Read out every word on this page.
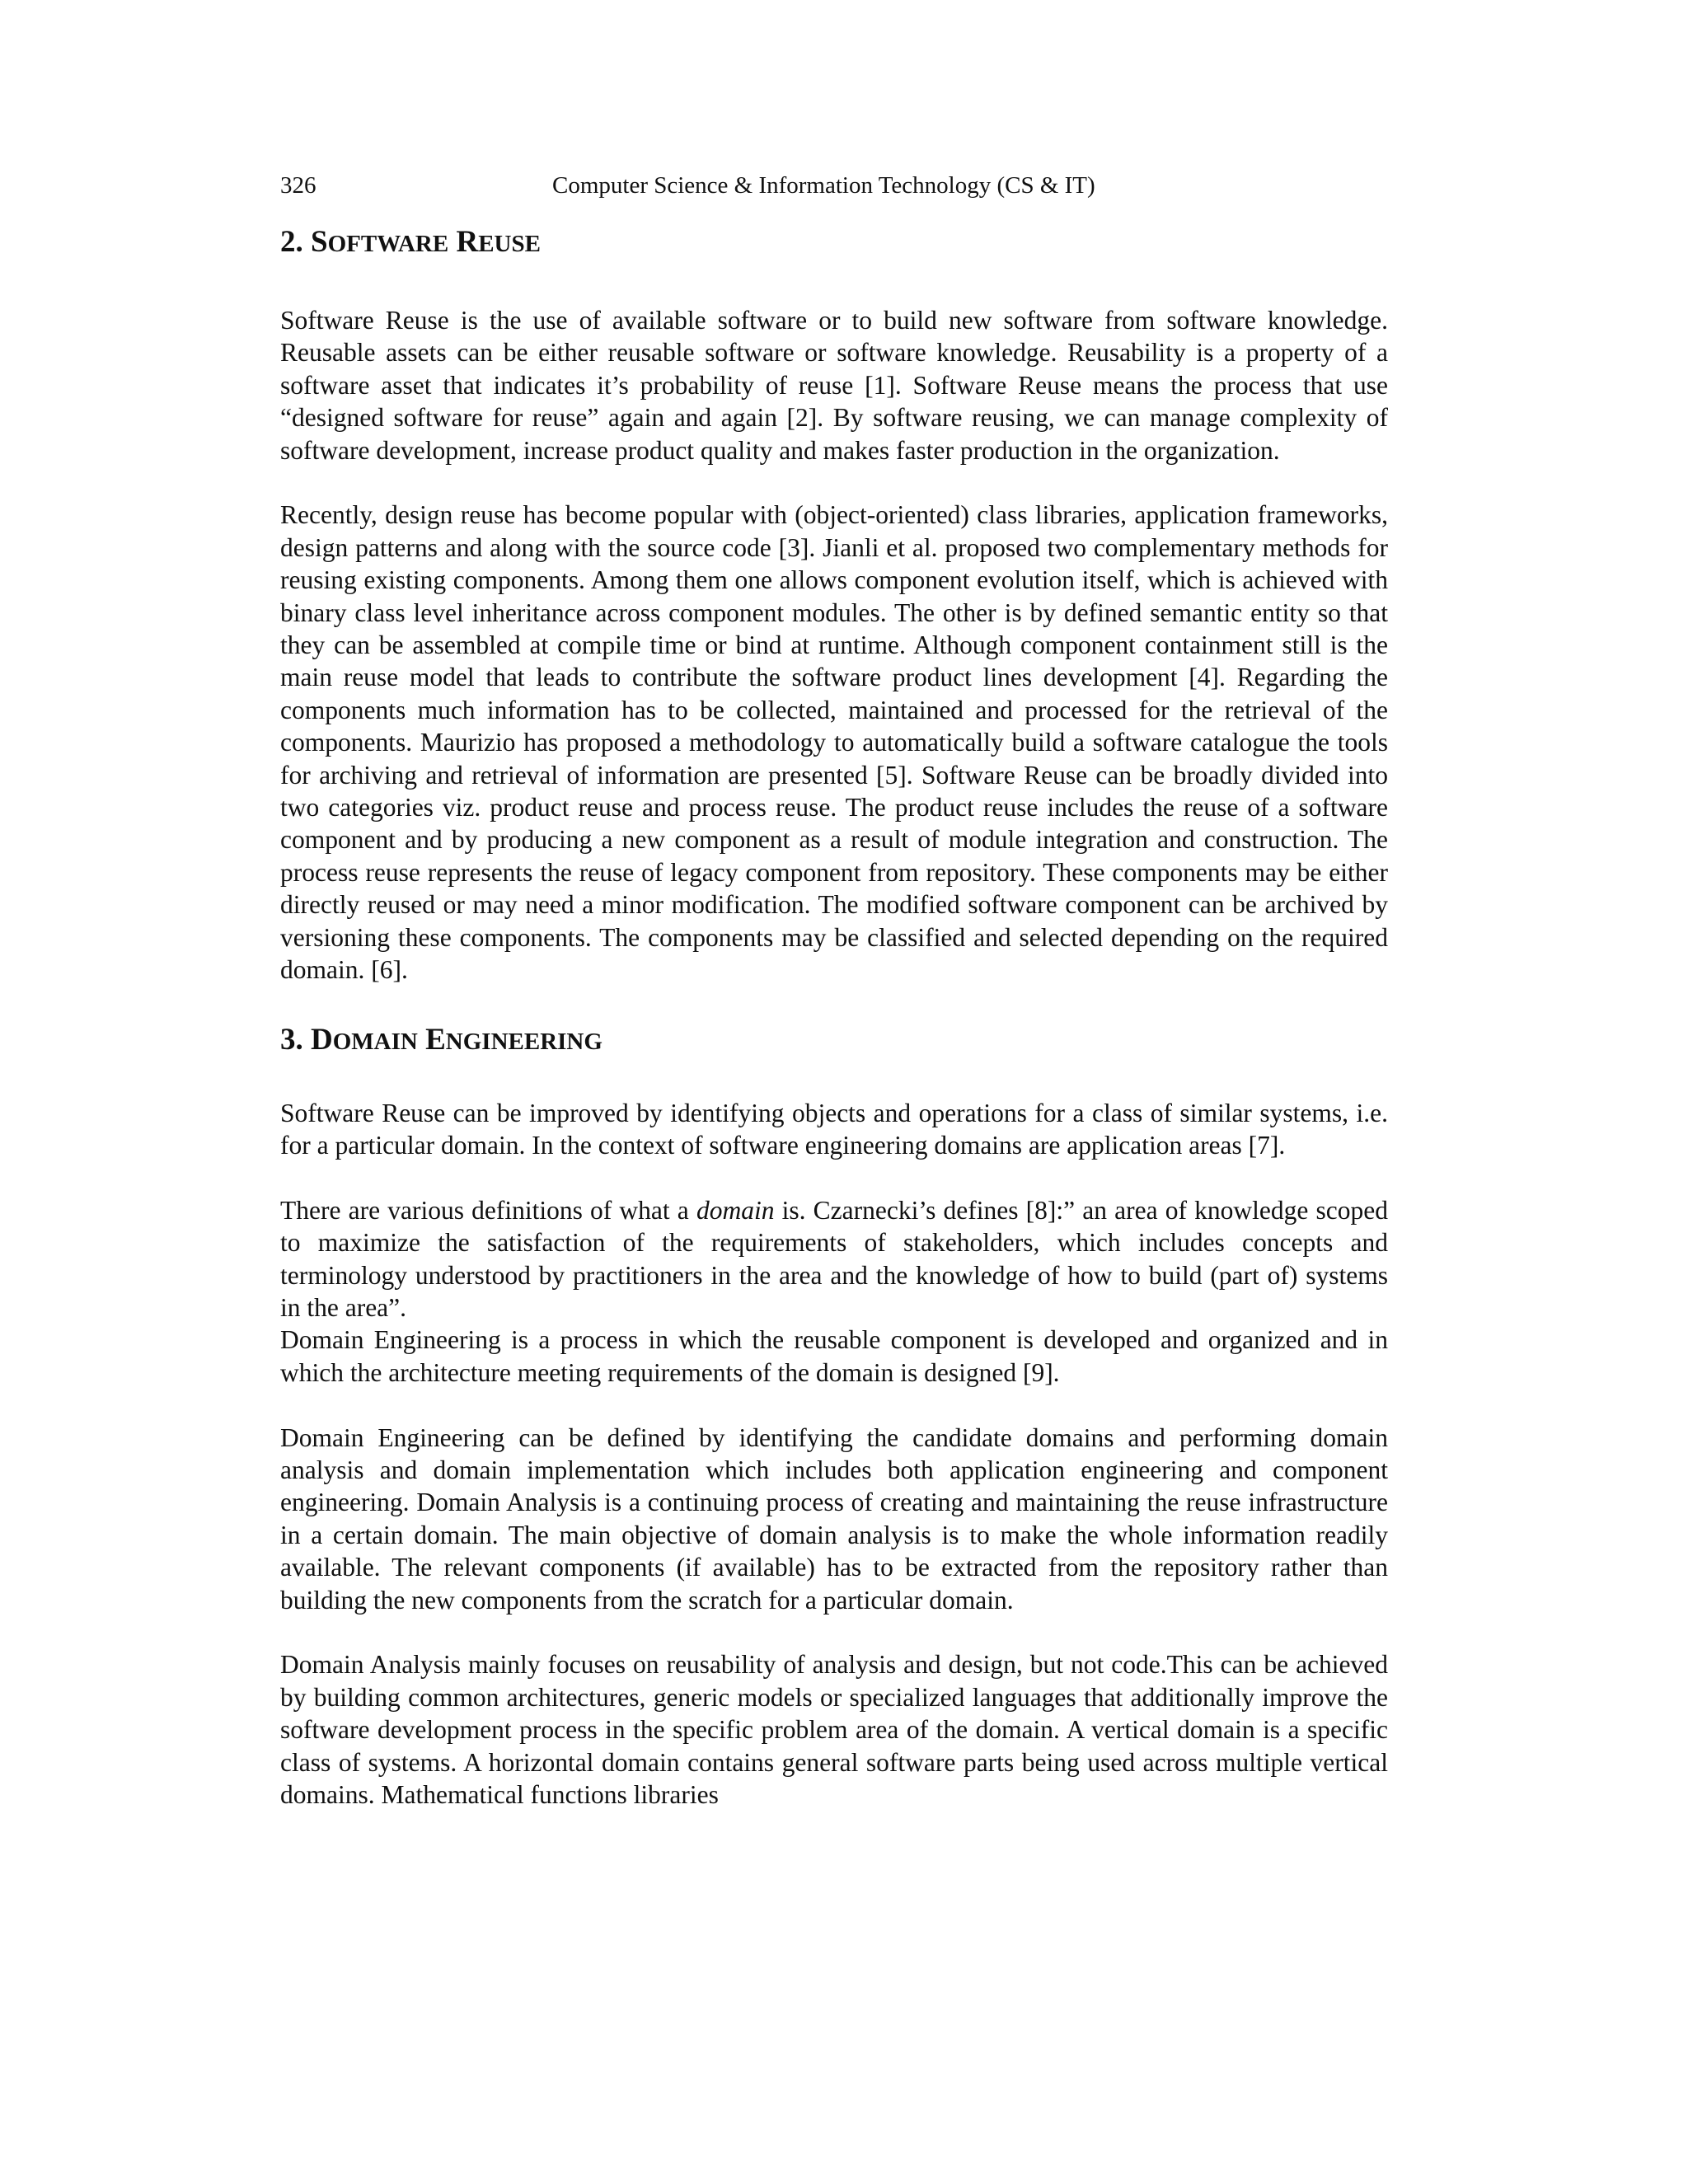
326	Computer Science & Information Technology (CS & IT)
2. SOFTWARE REUSE

Software Reuse is the use of available software or to build new software from software knowledge. Reusable assets can be either reusable software or software knowledge. Reusability is a property of a software asset that indicates it’s probability of reuse [1]. Software Reuse means the process that use “designed software for reuse” again and again [2]. By software reusing, we can manage complexity of software development, increase product quality and makes faster production in the organization.

Recently, design reuse has become popular with (object-oriented) class libraries, application frameworks, design patterns and along with the source code [3]. Jianli et al. proposed two complementary methods for reusing existing components. Among them one allows component evolution itself, which is achieved with binary class level inheritance across component modules. The other is by defined semantic entity so that they can be assembled at compile time or bind at runtime. Although component containment still is the main reuse model that leads to contribute the software product lines development [4]. Regarding the components much information has to be collected, maintained and processed for the retrieval of the components. Maurizio has proposed a methodology to automatically build a software catalogue the tools for archiving and retrieval of information are presented [5]. Software Reuse can be broadly divided into two categories viz. product reuse and process reuse. The product reuse includes the reuse of a software component and by producing a new component as a result of module integration and construction. The process reuse represents the reuse of legacy component from repository. These components may be either directly reused or may need a minor modification. The modified software component can be archived by versioning these components. The components may be classified and selected depending on the required domain. [6].

3. DOMAIN ENGINEERING

Software Reuse can be improved by identifying objects and operations for a class of similar systems, i.e. for a particular domain. In the context of software engineering domains are application areas [7].

There are various definitions of what a domain is. Czarnecki’s defines [8]:” an area of knowledge scoped to maximize the satisfaction of the requirements of stakeholders, which includes concepts and terminology understood by practitioners in the area and the knowledge of how to build (part of) systems in the area”.

Domain Engineering is a process in which the reusable component is developed and organized and in which the architecture meeting requirements of the domain is designed [9].

Domain Engineering can be defined by identifying the candidate domains and performing domain analysis and domain implementation which includes both application engineering and component engineering. Domain Analysis is a continuing process of creating and maintaining the reuse infrastructure in a certain domain. The main objective of domain analysis is to make the whole information readily available. The relevant components (if available) has to be extracted from the repository rather than building the new components from the scratch for a particular domain.

Domain Analysis mainly focuses on reusability of analysis and design, but not code.This can be achieved by building common architectures, generic models or specialized languages that additionally improve the software development process in the specific problem area of the domain. A vertical domain is a specific class of systems. A horizontal domain contains general software parts being used across multiple vertical domains. Mathematical functions libraries
